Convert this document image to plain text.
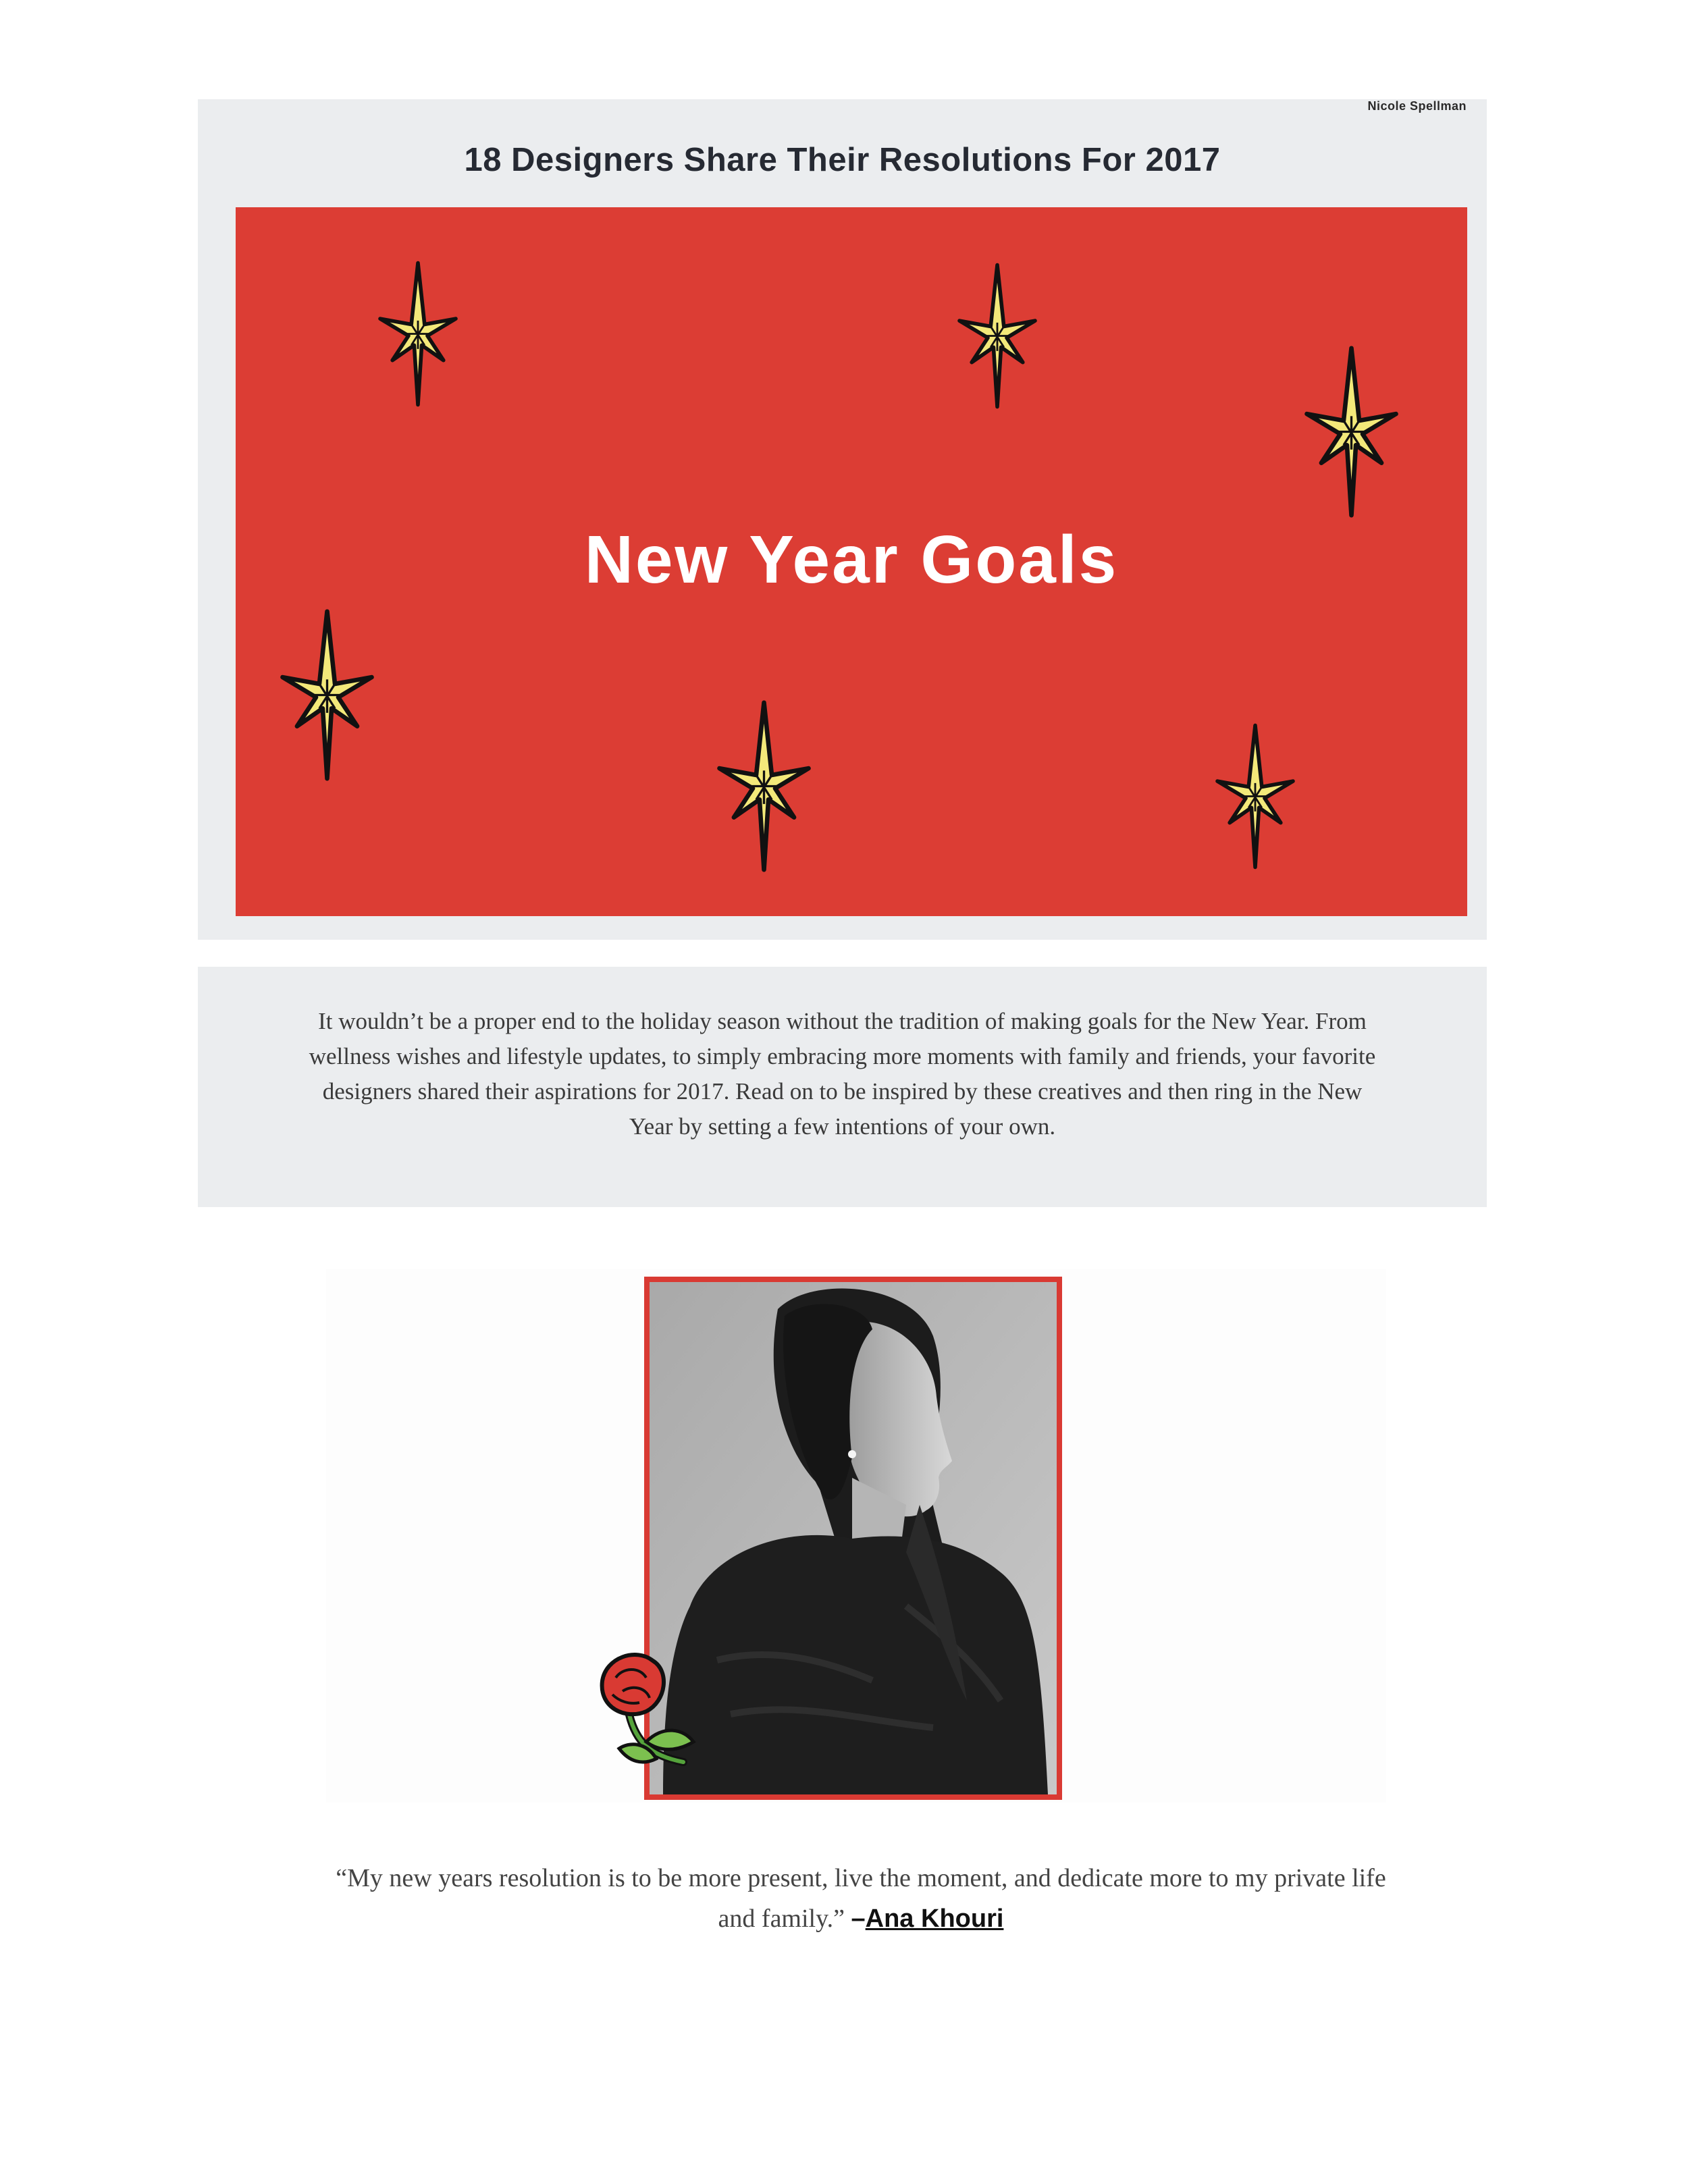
Nicole Spellman
18 Designers Share Their Resolutions For 2017
New Year Goals

It wouldn’t be a proper end to the holiday season without the tradition of making goals for the New Year. From wellness wishes and lifestyle updates, to simply embracing more moments with family and friends, your favorite designers shared their aspirations for 2017. Read on to be inspired by these creatives and then ring in the New Year by setting a few intentions of your own.

“My new years resolution is to be more present, live the moment, and dedicate more to my private life and family.” –Ana Khouri
